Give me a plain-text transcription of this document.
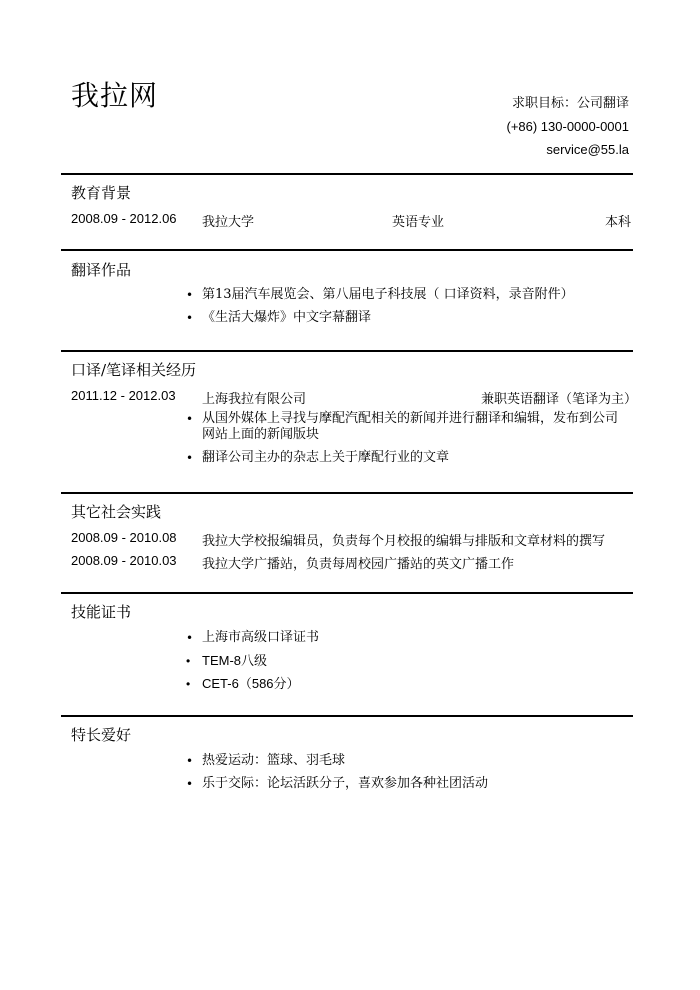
我拉网	求职目标：公司翻译
(+86) 130-0000-0001
service@55.la
教育背景
2008.09 - 2012.06 我拉大学	英语专业	本科
翻译作品
• 第13届汽车展览会、第八届电子科技展（ 口译资料，录音附件）
• 《生活大爆炸》中文字幕翻译
口译/笔译相关经历
2011.12 - 2012.03 上海我拉有限公司	兼职英语翻译（笔译为主）
• 从国外媒体上寻找与摩配汽配相关的新闻并进行翻译和编辑，发布到公司网站上面的新闻版块
• 翻译公司主办的杂志上关于摩配行业的文章
其它社会实践
2008.09 - 2010.08 我拉大学校报编辑员，负责每个月校报的编辑与排版和文章材料的撰写
2008.09 - 2010.03 我拉大学广播站，负责每周校园广播站的英文广播工作
技能证书
• 上海市高级口译证书
• TEM-8八级
• CET-6（586分）
特长爱好
• 热爱运动：篮球、羽毛球
• 乐于交际：论坛活跃分子，喜欢参加各种社团活动
